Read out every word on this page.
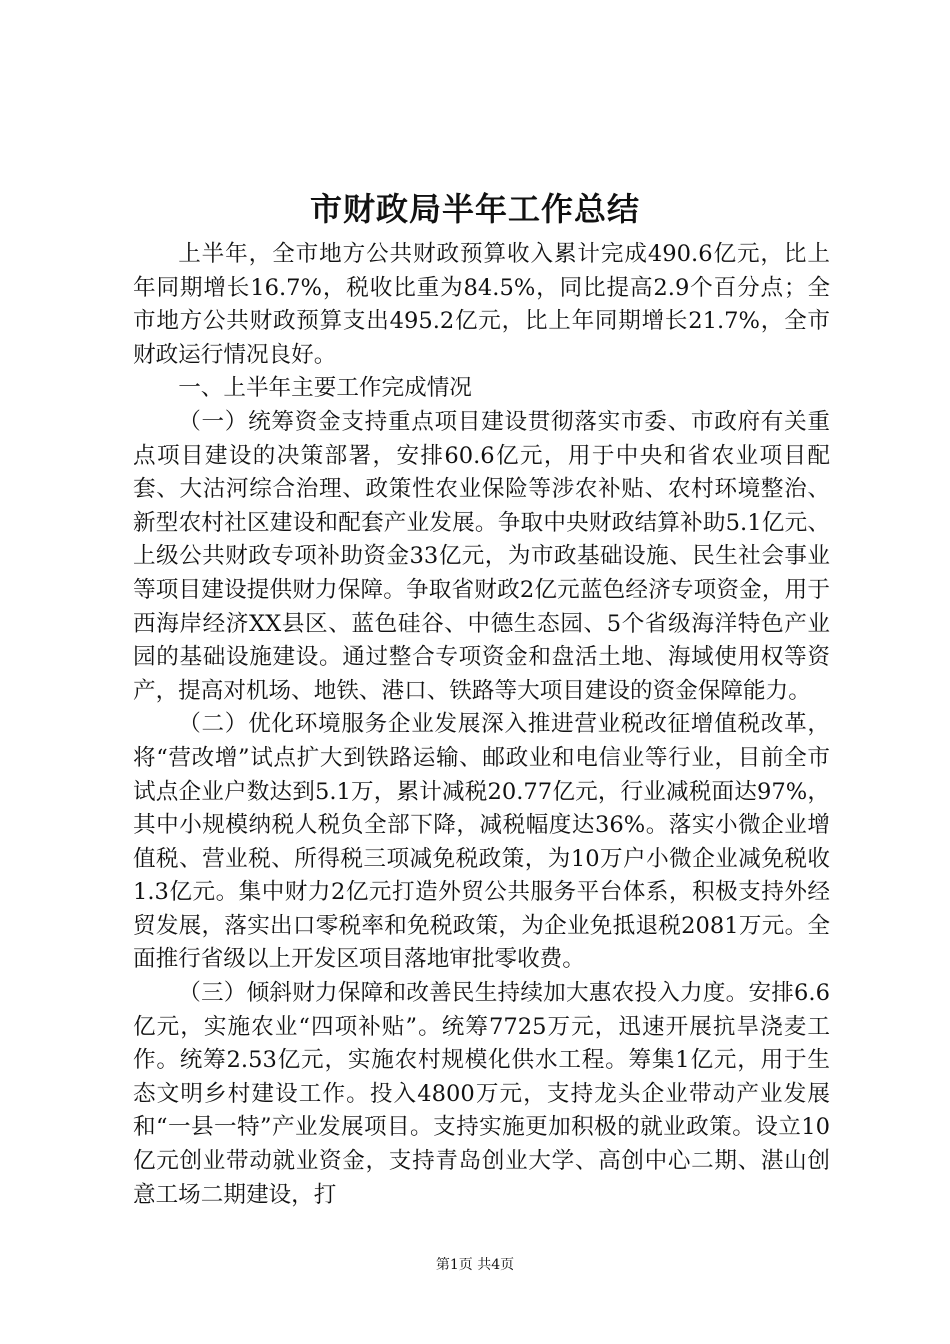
市财政局半年工作总结

上半年，全市地方公共财政预算收入累计完成490.6亿元，比上年同期增长16.7%，税收比重为84.5%，同比提高2.9个百分点；全市地方公共财政预算支出495.2亿元，比上年同期增长21.7%，全市财政运行情况良好。

一、上半年主要工作完成情况

（一）统筹资金支持重点项目建设贯彻落实市委、市政府有关重点项目建设的决策部署，安排60.6亿元，用于中央和省农业项目配套、大沽河综合治理、政策性农业保险等涉农补贴、农村环境整治、新型农村社区建设和配套产业发展。争取中央财政结算补助5.1亿元、上级公共财政专项补助资金33亿元，为市政基础设施、民生社会事业等项目建设提供财力保障。争取省财政2亿元蓝色经济专项资金，用于西海岸经济XX县区、蓝色硅谷、中德生态园、5个省级海洋特色产业园的基础设施建设。通过整合专项资金和盘活土地、海域使用权等资产，提高对机场、地铁、港口、铁路等大项目建设的资金保障能力。

（二）优化环境服务企业发展深入推进营业税改征增值税改革，将“营改增”试点扩大到铁路运输、邮政业和电信业等行业，目前全市试点企业户数达到5.1万，累计减税20.77亿元，行业减税面达97%，其中小规模纳税人税负全部下降，减税幅度达36%。落实小微企业增值税、营业税、所得税三项减免税政策，为10万户小微企业减免税收1.3亿元。集中财力2亿元打造外贸公共服务平台体系，积极支持外经贸发展，落实出口零税率和免税政策，为企业免抵退税2081万元。全面推行省级以上开发区项目落地审批零收费。

（三）倾斜财力保障和改善民生持续加大惠农投入力度。安排6.6亿元，实施农业“四项补贴”。统筹7725万元，迅速开展抗旱浇麦工作。统筹2.53亿元，实施农村规模化供水工程。筹集1亿元，用于生态文明乡村建设工作。投入4800万元，支持龙头企业带动产业发展和“一县一特”产业发展项目。支持实施更加积极的就业政策。设立10亿元创业带动就业资金，支持青岛创业大学、高创中心二期、湛山创意工场二期建设，打

第1页 共4页
